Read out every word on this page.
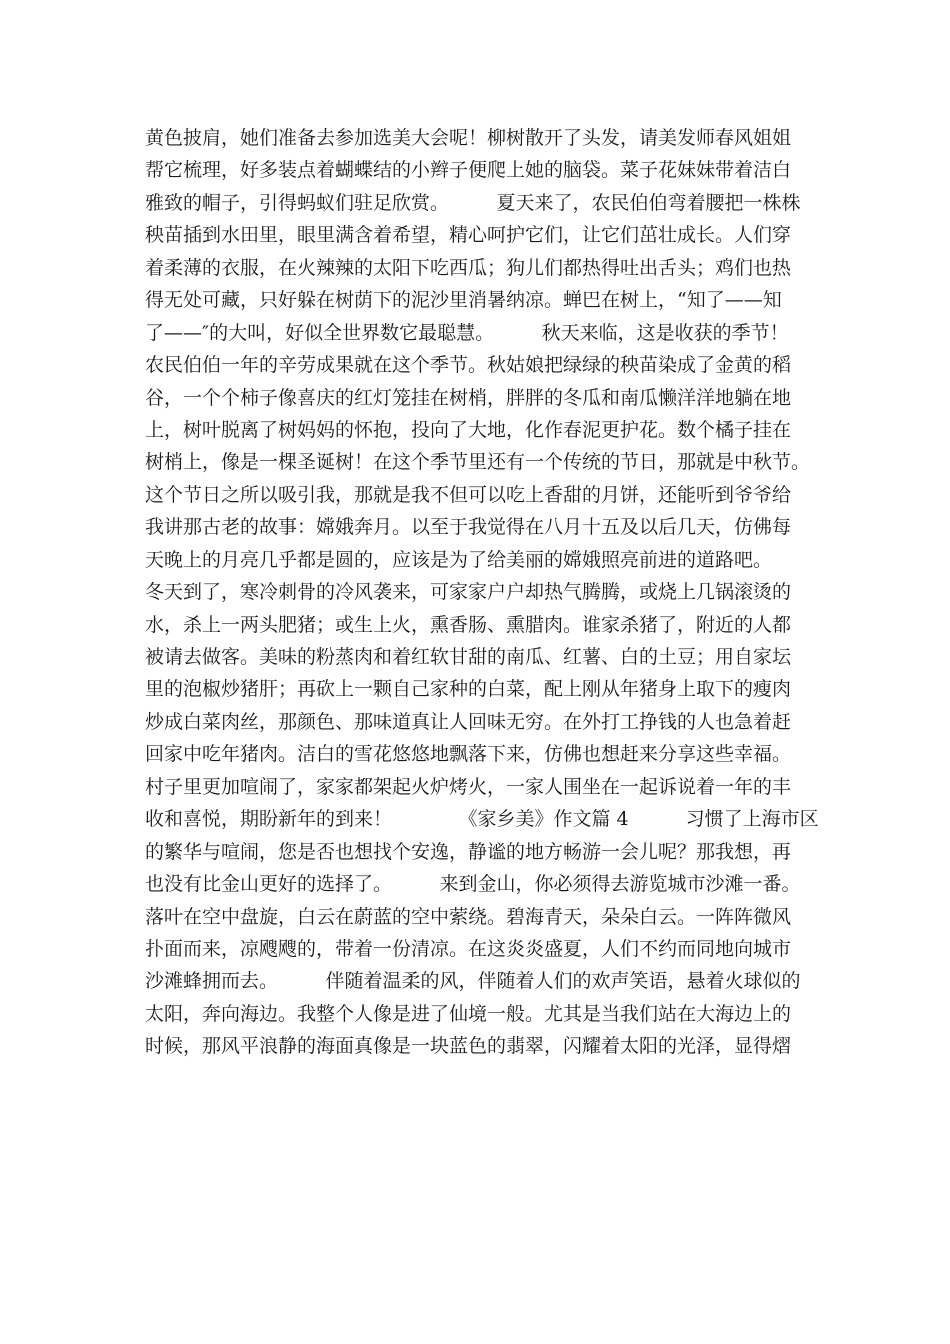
黄色披肩，她们准备去参加选美大会呢！柳树散开了头发，请美发师春风姐姐
帮它梳理，好多装点着蝴蝶结的小辫子便爬上她的脑袋。菜子花妹妹带着洁白
雅致的帽子，引得蚂蚁们驻足欣赏。　　　夏天来了，农民伯伯弯着腰把一株株
秧苗插到水田里，眼里满含着希望，精心呵护它们，让它们茁壮成长。人们穿
着柔薄的衣服，在火辣辣的太阳下吃西瓜；狗儿们都热得吐出舌头；鸡们也热
得无处可藏，只好躲在树荫下的泥沙里消暑纳凉。蝉巴在树上，“知了——知
了——″的大叫，好似全世界数它最聪慧。　　　秋天来临，这是收获的季节！
农民伯伯一年的辛劳成果就在这个季节。秋姑娘把绿绿的秧苗染成了金黄的稻
谷，一个个柿子像喜庆的红灯笼挂在树梢，胖胖的冬瓜和南瓜懒洋洋地躺在地
上，树叶脱离了树妈妈的怀抱，投向了大地，化作春泥更护花。数个橘子挂在
树梢上，像是一棵圣诞树！在这个季节里还有一个传统的节日，那就是中秋节。
这个节日之所以吸引我，那就是我不但可以吃上香甜的月饼，还能听到爷爷给
我讲那古老的故事：嫦娥奔月。以至于我觉得在八月十五及以后几天，仿佛每
天晚上的月亮几乎都是圆的，应该是为了给美丽的嫦娥照亮前进的道路吧。
冬天到了，寒冷刺骨的冷风袭来，可家家户户却热气腾腾，或烧上几锅滚烫的
水，杀上一两头肥猪；或生上火，熏香肠、熏腊肉。谁家杀猪了，附近的人都
被请去做客。美味的粉蒸肉和着红软甘甜的南瓜、红薯、白的土豆；用自家坛
里的泡椒炒猪肝；再砍上一颗自己家种的白菜，配上刚从年猪身上取下的瘦肉
炒成白菜肉丝，那颜色、那味道真让人回味无穷。在外打工挣钱的人也急着赶
回家中吃年猪肉。洁白的雪花悠悠地飘落下来，仿佛也想赶来分享这些幸福。
村子里更加喧闹了，家家都架起火炉烤火，一家人围坐在一起诉说着一年的丰
收和喜悦，期盼新年的到来！　　　　《家乡美》作文篇 4　　　习惯了上海市区
的繁华与喧闹，您是否也想找个安逸，静谧的地方畅游一会儿呢？那我想，再
也没有比金山更好的选择了。　　　来到金山，你必须得去游览城市沙滩一番。
落叶在空中盘旋，白云在蔚蓝的空中萦绕。碧海青天，朵朵白云。一阵阵微风
扑面而来，凉飕飕的，带着一份清凉。在这炎炎盛夏，人们不约而同地向城市
沙滩蜂拥而去。　　　伴随着温柔的风，伴随着人们的欢声笑语，悬着火球似的
太阳，奔向海边。我整个人像是进了仙境一般。尤其是当我们站在大海边上的
时候，那风平浪静的海面真像是一块蓝色的翡翠，闪耀着太阳的光泽，显得熠
